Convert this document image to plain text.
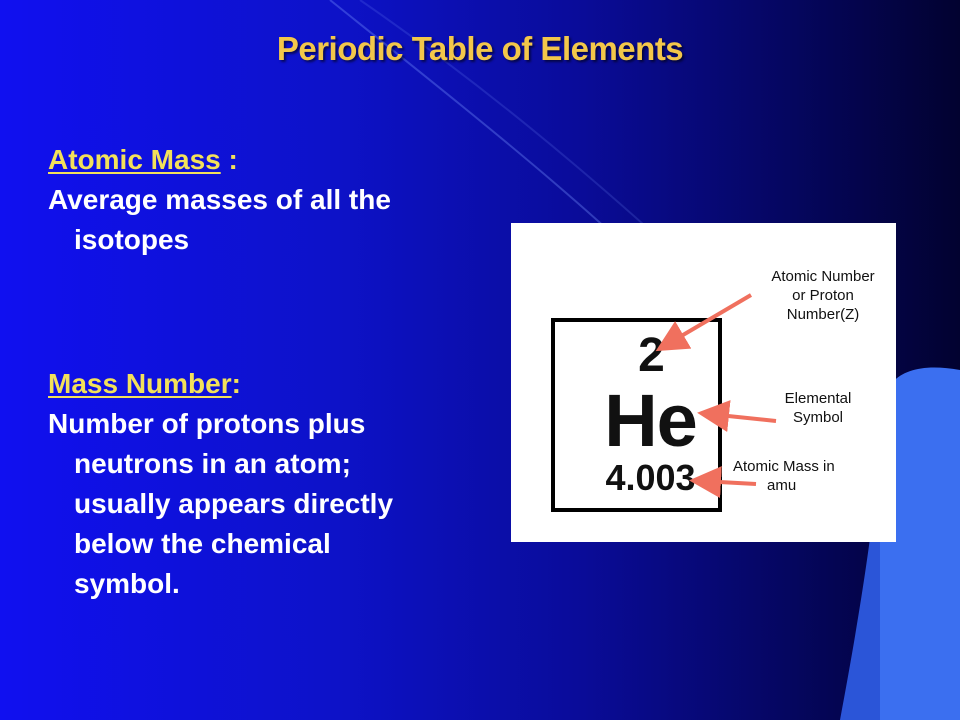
Periodic Table of Elements
Atomic Mass :
Average masses of all the
isotopes
Mass Number:
Number of protons plus
neutrons in an atom;
usually appears directly
below the chemical
symbol.
2
He
4.003
Atomic Number
or Proton
Number(Z)
Elemental
Symbol
Atomic Mass in
amu
